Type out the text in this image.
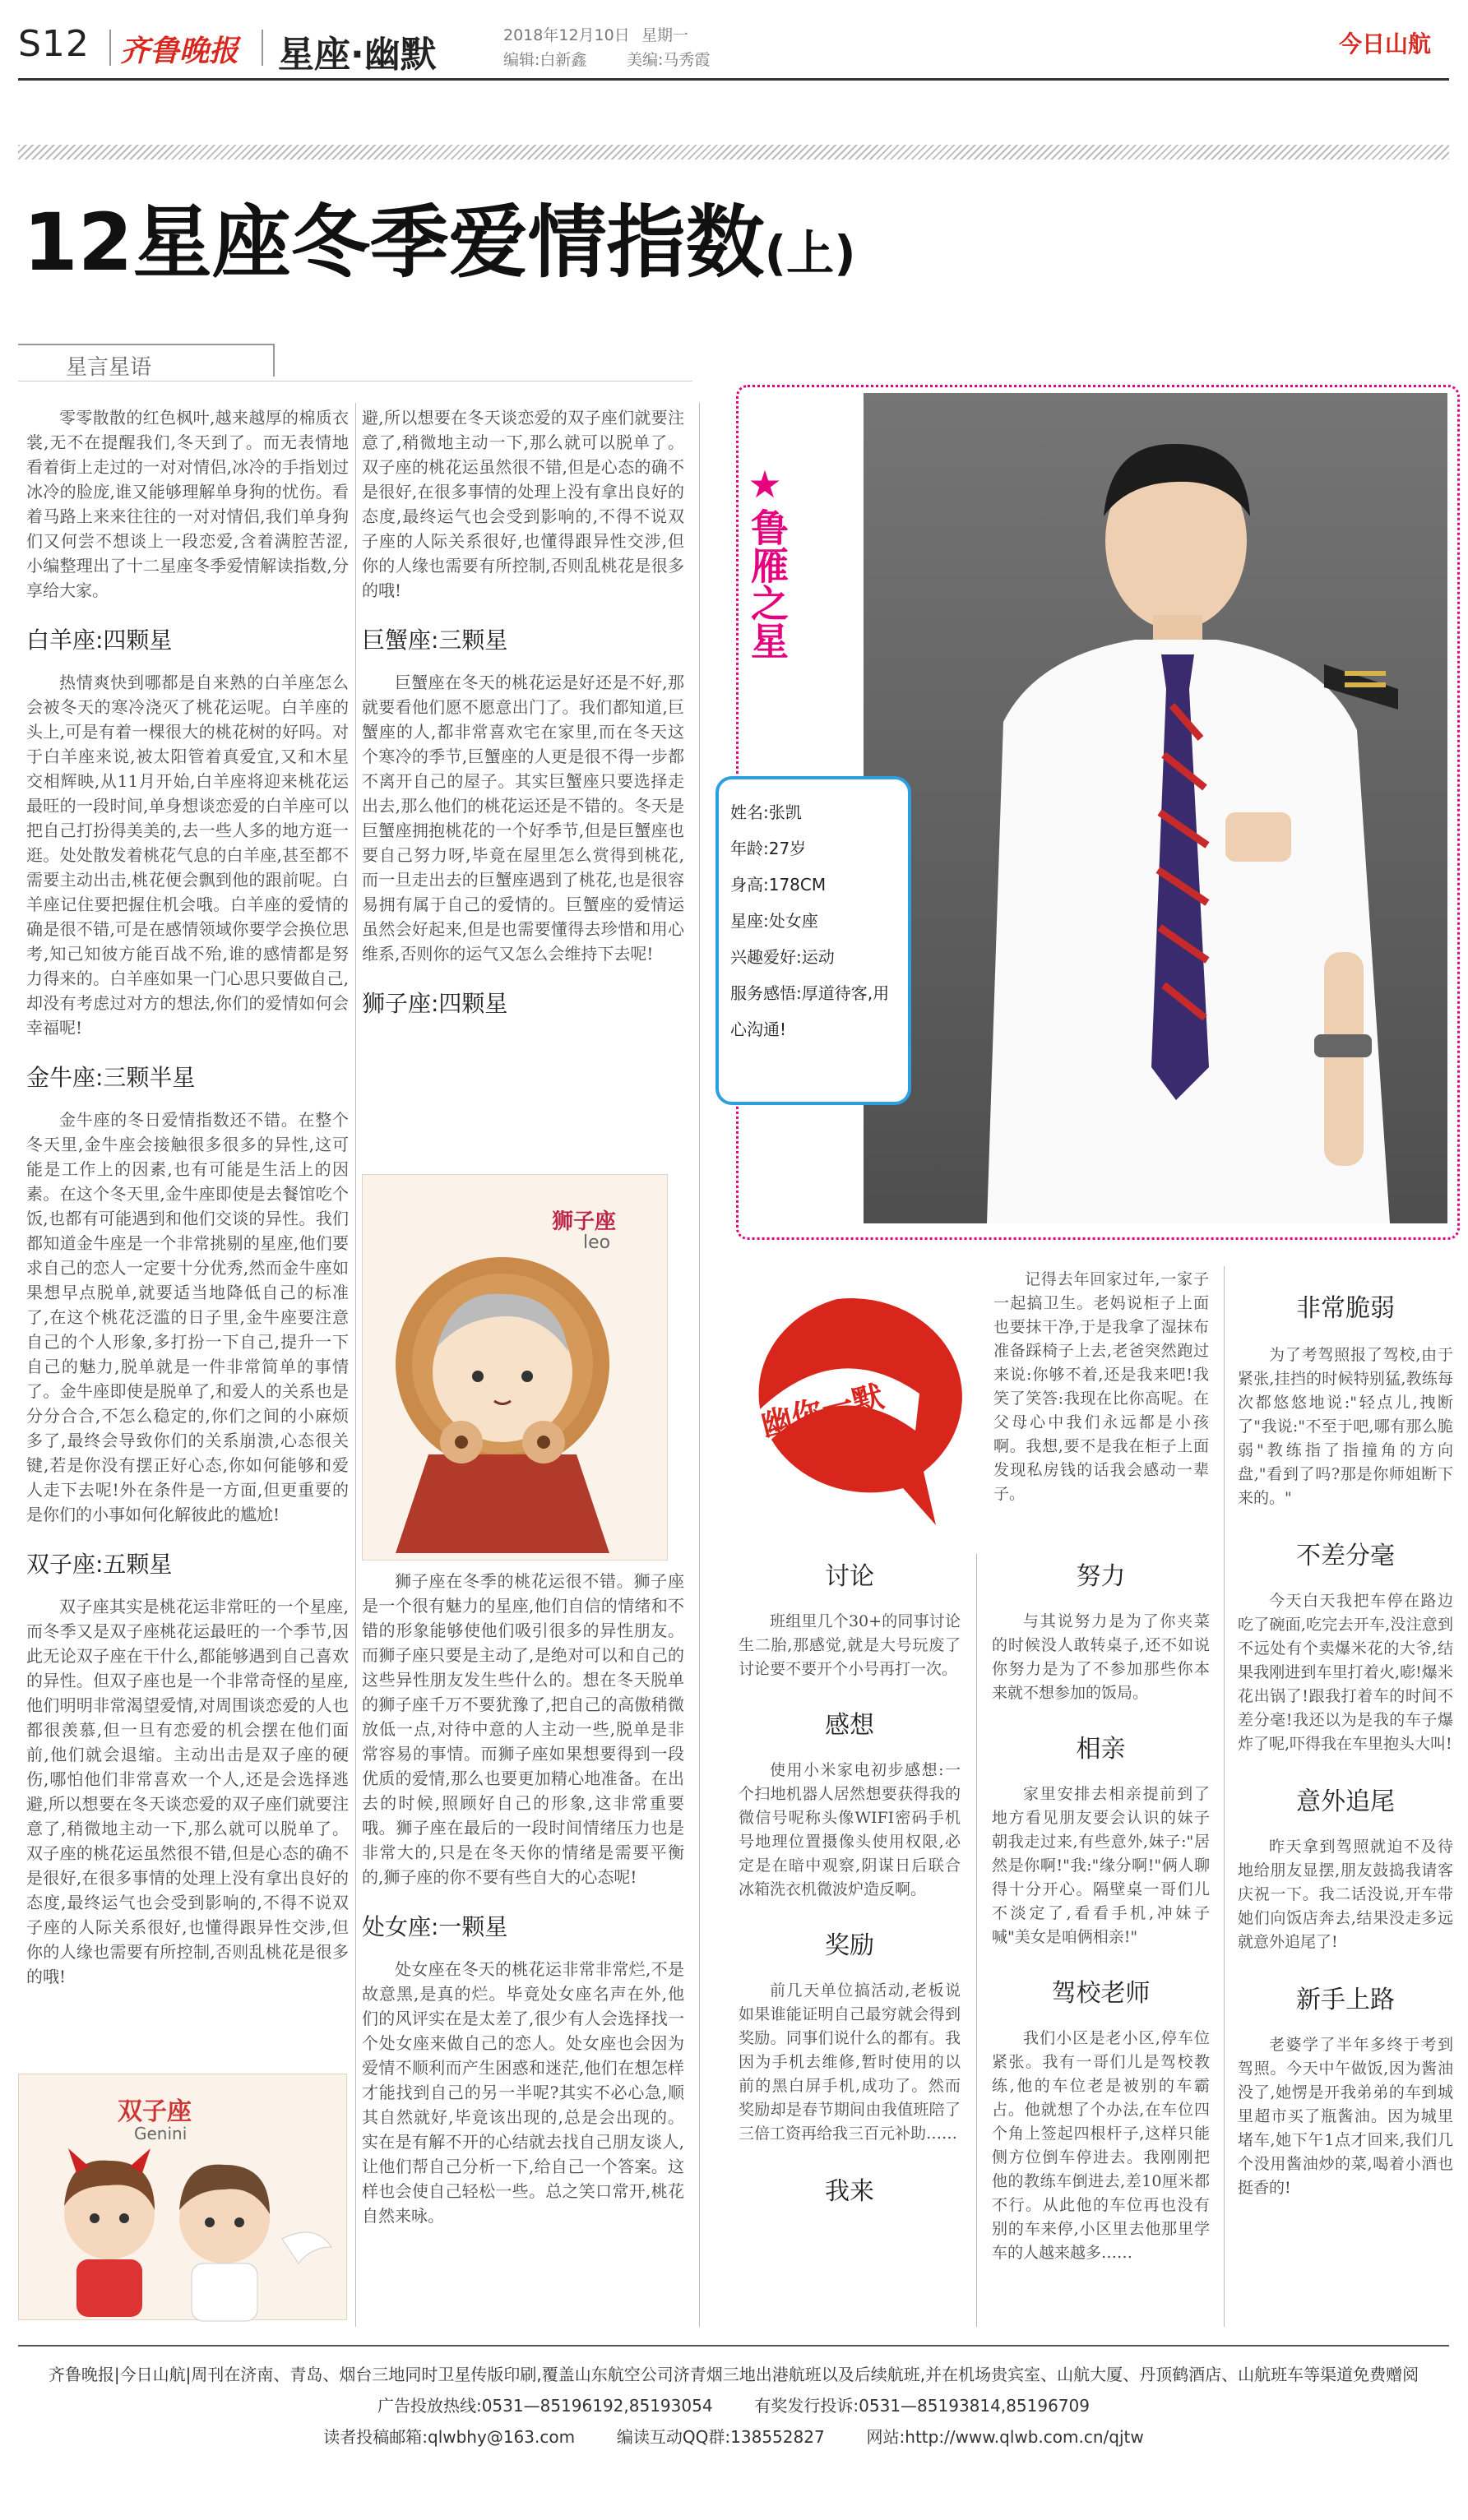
S12 齐鲁晚报 星座·幽默	2018年12月10日 星期一
编辑:白新鑫	美编:马秀霞
今日山航
12星座冬季爱情指数(上)
星言星语

零零散散的红色枫叶,越来越厚的棉质衣裳,无不在提醒我们,冬天到了。而无表情地看着街上走过的一对对情侣,冰冷的手指划过冰冷的脸庞,谁又能够理解单身狗的忧伤。看着马路上来来往往的一对对情侣,我们单身狗们又何尝不想谈上一段恋爱,含着满腔苦涩,小编整理出了十二星座冬季爱情解读指数,分享给大家。

白羊座:四颗星

热情爽快到哪都是自来熟的白羊座怎么会被冬天的寒冷浇灭了桃花运呢。白羊座的头上,可是有着一棵很大的桃花树的好吗。对于白羊座来说,被太阳管着真爱宜,又和木星交相辉映,从11月开始,白羊座将迎来桃花运最旺的一段时间,单身想谈恋爱的白羊座可以把自己打扮得美美的,去一些人多的地方逛一逛。处处散发着桃花气息的白羊座,甚至都不需要主动出击,桃花便会飘到他的跟前呢。白羊座记住要把握住机会哦。白羊座的爱情的确是很不错,可是在感情领域你要学会换位思考,知己知彼方能百战不殆,谁的感情都是努力得来的。白羊座如果一门心思只要做自己,却没有考虑过对方的想法,你们的爱情如何会幸福呢!

金牛座:三颗半星

金牛座的冬日爱情指数还不错。在整个冬天里,金牛座会接触很多很多的异性,这可能是工作上的因素,也有可能是生活上的因素。在这个冬天里,金牛座即使是去餐馆吃个饭,也都有可能遇到和他们交谈的异性。我们都知道金牛座是一个非常挑剔的星座,他们要求自己的恋人一定要十分优秀,然而金牛座如果想早点脱单,就要适当地降低自己的标准了,在这个桃花泛滥的日子里,金牛座要注意自己的个人形象,多打扮一下自己,提升一下自己的魅力,脱单就是一件非常简单的事情了。金牛座即使是脱单了,和爱人的关系也是分分合合,不怎么稳定的,你们之间的小麻烦多了,最终会导致你们的关系崩溃,心态很关键,若是你没有摆正好心态,你如何能够和爱人走下去呢!外在条件是一方面,但更重要的是你们的小事如何化解彼此的尴尬!

双子座:五颗星

双子座其实是桃花运非常旺的一个星座,而冬季又是双子座桃花运最旺的一个季节,因此无论双子座在干什么,都能够遇到自己喜欢的异性。但双子座也是一个非常奇怪的星座,他们明明非常渴望爱情,对周围谈恋爱的人也都很羡慕,但一旦有恋爱的机会摆在他们面前,他们就会退缩。主动出击是双子座的硬伤,哪怕他们非常喜欢一个人,还是会选择逃避,所以想要在冬天谈恋爱的双子座们就要注意了,稍微地主动一下,那么就可以脱单了。双子座的桃花运虽然很不错,但是心态的确不是很好,在很多事情的处理上没有拿出良好的态度,最终运气也会受到影响的,不得不说双子座的人际关系很好,也懂得跟异性交涉,但你的人缘也需要有所控制,否则乱桃花是很多的哦!

双子座
Genini

避,所以想要在冬天谈恋爱的双子座们就要注意了,稍微地主动一下,那么就可以脱单了。双子座的桃花运虽然很不错,但是心态的确不是很好,在很多事情的处理上没有拿出良好的态度,最终运气也会受到影响的,不得不说双子座的人际关系很好,也懂得跟异性交涉,但你的人缘也需要有所控制,否则乱桃花是很多的哦!

巨蟹座:三颗星

巨蟹座在冬天的桃花运是好还是不好,那就要看他们愿不愿意出门了。我们都知道,巨蟹座的人,都非常喜欢宅在家里,而在冬天这个寒冷的季节,巨蟹座的人更是很不得一步都不离开自己的屋子。其实巨蟹座只要选择走出去,那么他们的桃花运还是不错的。冬天是巨蟹座拥抱桃花的一个好季节,但是巨蟹座也要自己努力呀,毕竟在屋里怎么赏得到桃花,而一旦走出去的巨蟹座遇到了桃花,也是很容易拥有属于自己的爱情的。巨蟹座的爱情运虽然会好起来,但是也需要懂得去珍惜和用心维系,否则你的运气又怎么会维持下去呢!

狮子座:四颗星
狮子座
leo

狮子座在冬季的桃花运很不错。狮子座是一个很有魅力的星座,他们自信的情绪和不错的形象能够使他们吸引很多的异性朋友。而狮子座只要是主动了,是绝对可以和自己的这些异性朋友发生些什么的。想在冬天脱单的狮子座千万不要犹豫了,把自己的高傲稍微放低一点,对待中意的人主动一些,脱单是非常容易的事情。而狮子座如果想要得到一段优质的爱情,那么也要更加精心地准备。在出去的时候,照顾好自己的形象,这非常重要哦。狮子座在最后的一段时间情绪压力也是非常大的,只是在冬天你的情绪是需要平衡的,狮子座的你不要有些自大的心态呢!

处女座:一颗星

处女座在冬天的桃花运非常非常烂,不是故意黑,是真的烂。毕竟处女座名声在外,他们的风评实在是太差了,很少有人会选择找一个处女座来做自己的恋人。处女座也会因为爱情不顺利而产生困惑和迷茫,他们在想怎样才能找到自己的另一半呢?其实不必心急,顺其自然就好,毕竟该出现的,总是会出现的。实在是有解不开的心结就去找自己朋友谈人,让他们帮自己分析一下,给自己一个答案。这样也会使自己轻松一些。总之笑口常开,桃花自然来咏。

★
鲁雁之星
姓名:张凯
年龄:27岁
身高:178CM
星座:处女座
兴趣爱好:运动
服务感悟:厚道待客,用心沟通!
幽你一默

记得去年回家过年,一家子一起搞卫生。老妈说柜子上面也要抹干净,于是我拿了湿抹布准备踩椅子上去,老爸突然跑过来说:你够不着,还是我来吧!我笑了笑答:我现在比你高呢。在父母心中我们永远都是小孩啊。我想,要不是我在柜子上面发现私房钱的话我会感动一辈子。

讨论

班组里几个30+的同事讨论生二胎,那感觉,就是大号玩废了讨论要不要开个小号再打一次。

感想

使用小米家电初步感想:一个扫地机器人居然想要获得我的微信号呢称头像WIFI密码手机号地理位置摄像头使用权限,必定是在暗中观察,阴谋日后联合冰箱洗衣机微波炉造反啊。

奖励

前几天单位搞活动,老板说如果谁能证明自己最穷就会得到奖励。同事们说什么的都有。我因为手机去维修,暂时使用的以前的黑白屏手机,成功了。然而奖励却是春节期间由我值班陪了三倍工资再给我三百元补助……

我来
努力

与其说努力是为了你夹菜的时候没人敢转桌子,还不如说你努力是为了不参加那些你本来就不想参加的饭局。

相亲

家里安排去相亲提前到了地方看见朋友要会认识的妹子朝我走过来,有些意外,妹子:"居然是你啊!"我:"缘分啊!"俩人聊得十分开心。隔壁桌一哥们儿不淡定了,看看手机,冲妹子喊"美女是咱俩相亲!"

驾校老师

我们小区是老小区,停车位紧张。我有一哥们儿是驾校教练,他的车位老是被别的车霸占。他就想了个办法,在车位四个角上签起四根杆子,这样只能侧方位倒车停进去。我刚刚把他的教练车倒进去,差10厘米都不行。从此他的车位再也没有别的车来停,小区里去他那里学车的人越来越多……

非常脆弱

为了考驾照报了驾校,由于紧张,挂挡的时候特别猛,教练每次都悠悠地说:"轻点儿,拽断了"我说:"不至于吧,哪有那么脆弱"教练指了指撞角的方向盘,"看到了吗?那是你师姐断下来的。"

不差分毫

今天白天我把车停在路边吃了碗面,吃完去开车,没注意到不远处有个卖爆米花的大爷,结果我刚进到车里打着火,嘭!爆米花出锅了!跟我打着车的时间不差分毫!我还以为是我的车子爆炸了呢,吓得我在车里抱头大叫!

意外追尾

昨天拿到驾照就迫不及待地给朋友显摆,朋友鼓捣我请客庆祝一下。我二话没说,开车带她们向饭店奔去,结果没走多远就意外追尾了!

新手上路

老婆学了半年多终于考到驾照。今天中午做饭,因为酱油没了,她愣是开我弟弟的车到城里超市买了瓶酱油。因为城里堵车,她下午1点才回来,我们几个没用酱油炒的菜,喝着小酒也挺香的!

齐鲁晚报|今日山航|周刊在济南、青岛、烟台三地同时卫星传版印刷,覆盖山东航空公司济青烟三地出港航班以及后续航班,并在机场贵宾室、山航大厦、丹顶鹤酒店、山航班车等渠道免费赠阅
广告投放热线:0531—85196192,85193054        有奖发行投诉:0531—85193814,85196709
读者投稿邮箱:qlwbhy@163.com        编读互动QQ群:138552827        网站:http://www.qlwb.com.cn/qjtw
